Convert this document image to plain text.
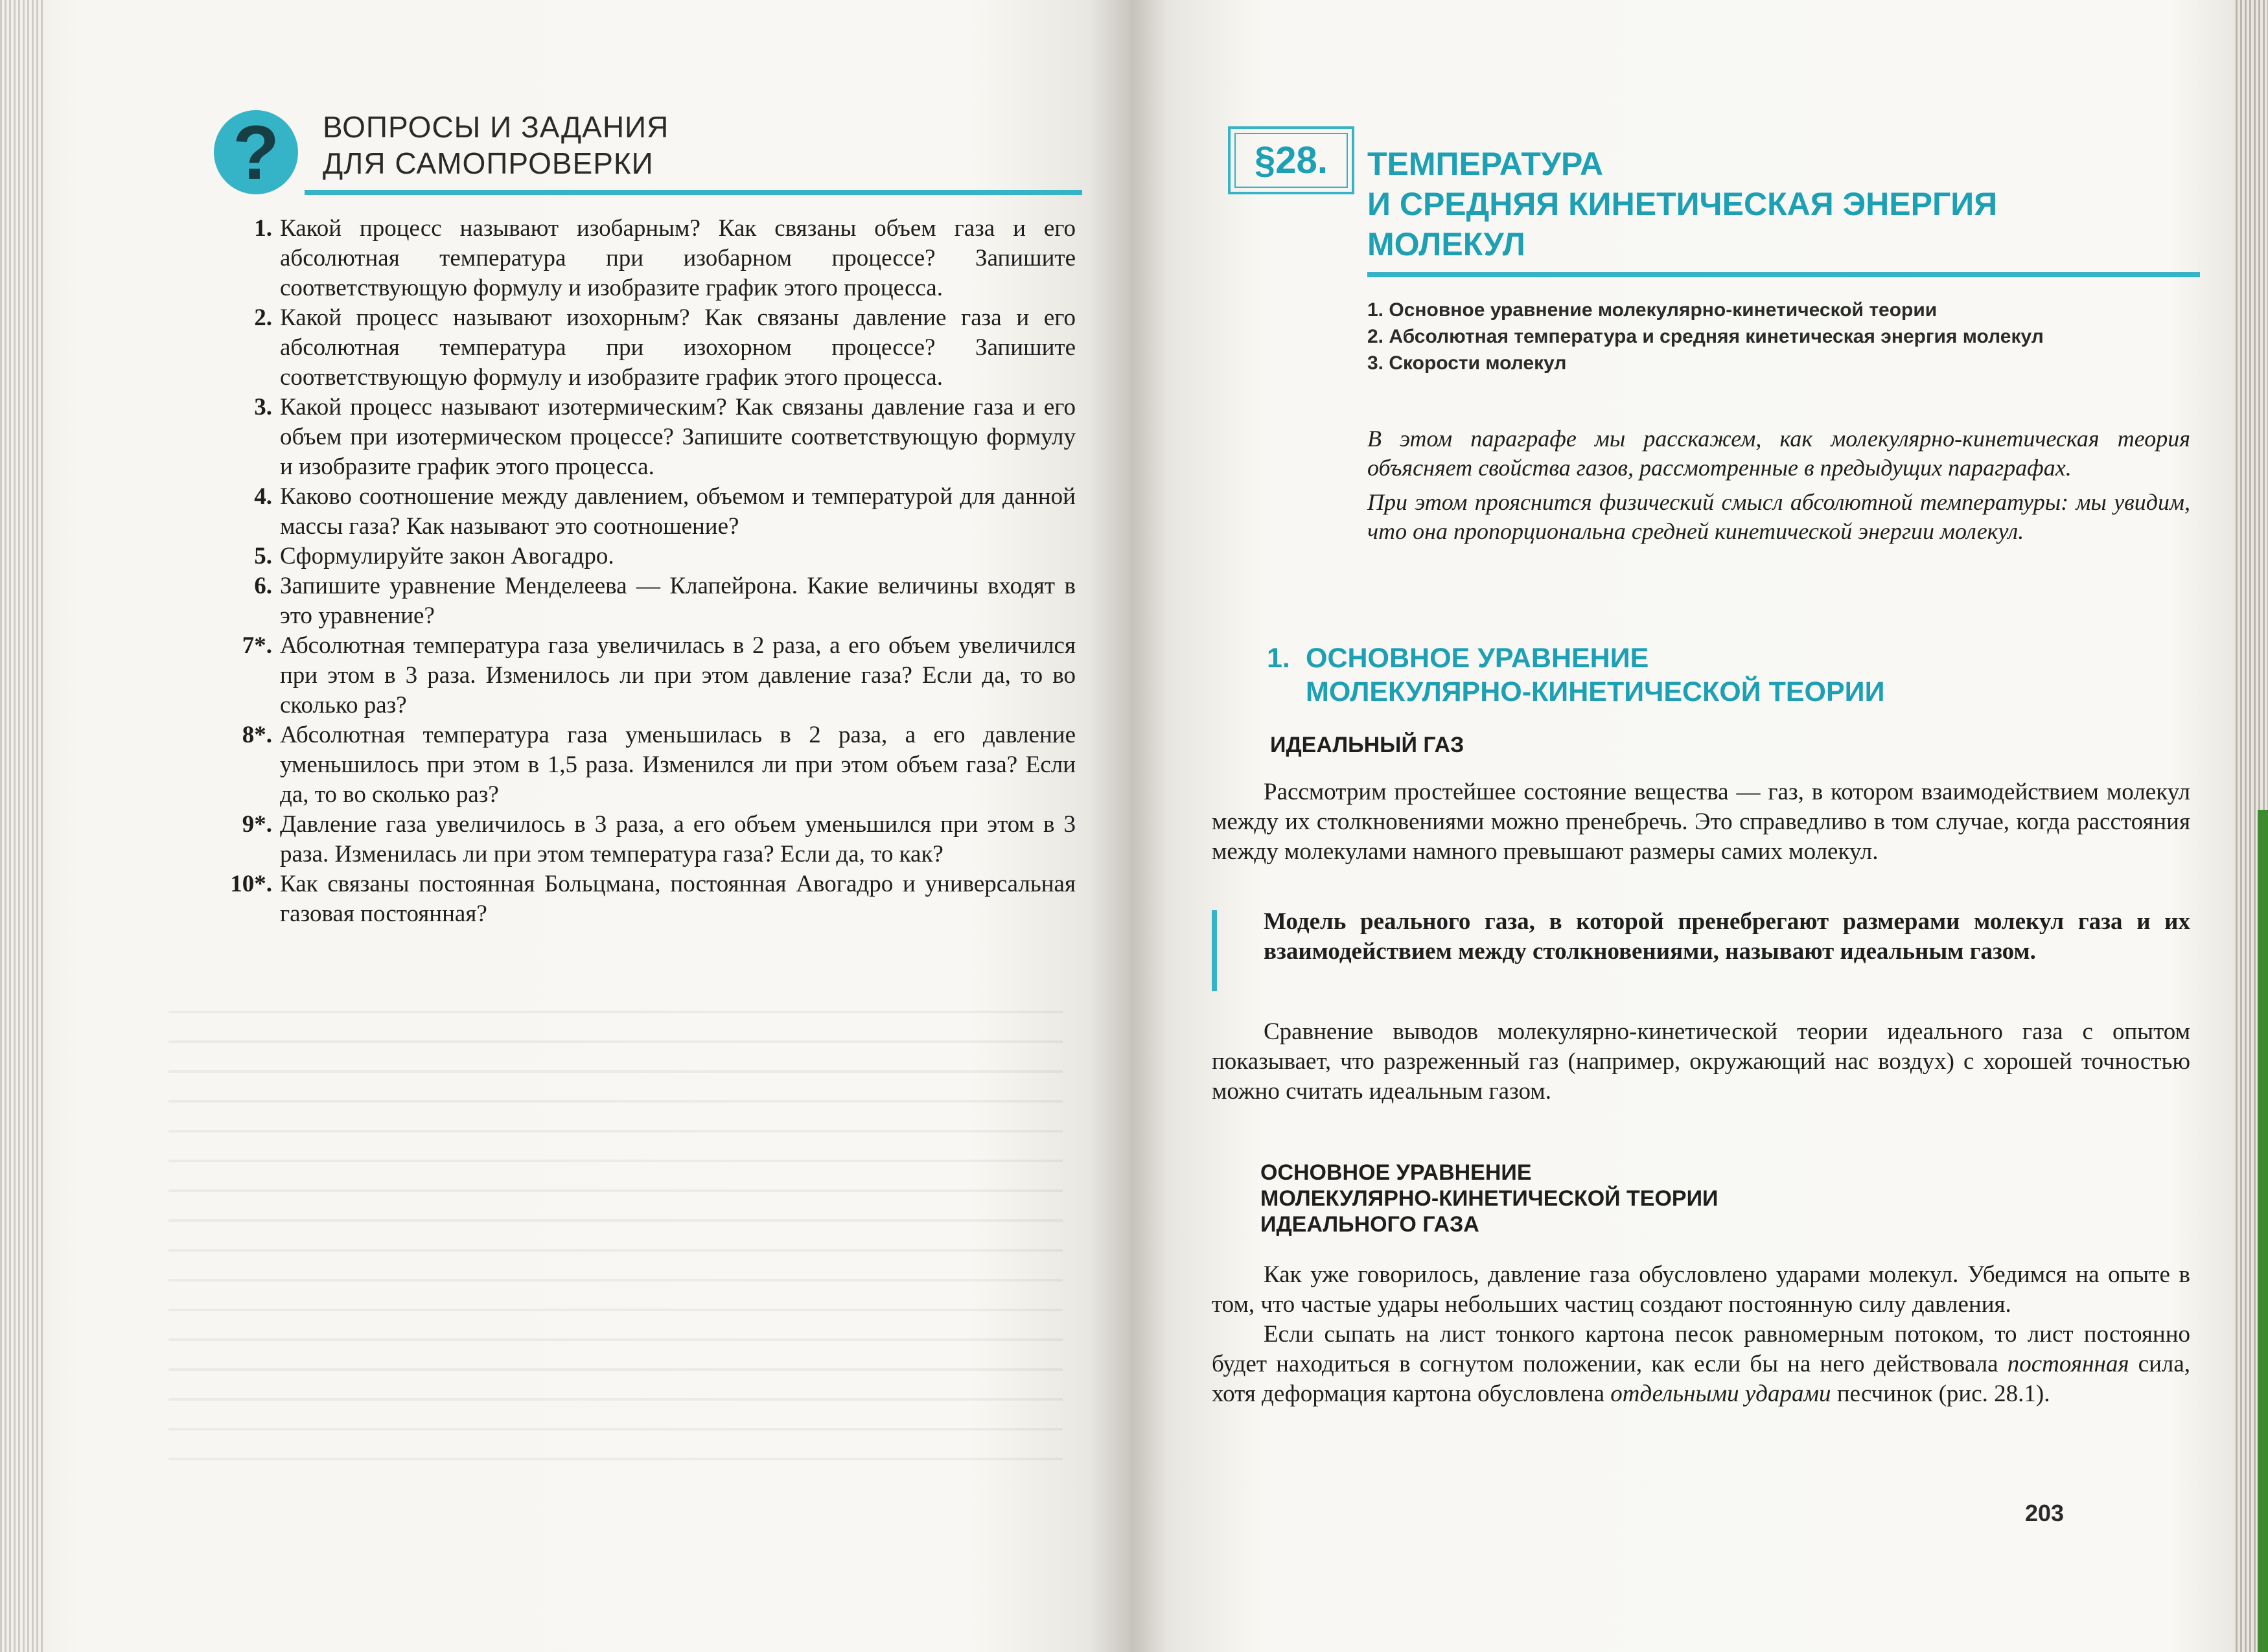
?	ВОПРОСЫ И ЗАДАНИЯ
ДЛЯ САМОПРОВЕРКИ
1. Какой процесс называют изобарным? Как связаны объем газа и его абсолютная температура при изобарном процессе? Запишите соответствующую формулу и изобразите график этого процесса.
2. Какой процесс называют изохорным? Как связаны давление газа и его абсолютная температура при изохорном процессе? Запишите соответствующую формулу и изобразите график этого процесса.
3. Какой процесс называют изотермическим? Как связаны давление газа и его объем при изотермическом процессе? Запишите соответствующую формулу и изобразите график этого процесса.
4. Каково соотношение между давлением, объемом и температурой для данной массы газа? Как называют это соотношение?
5. Сформулируйте закон Авогадро.
6. Запишите уравнение Менделеева — Клапейрона. Какие величины входят в это уравнение?
7*. Абсолютная температура газа увеличилась в 2 раза, а его объем увеличился при этом в 3 раза. Изменилось ли при этом давление газа? Если да, то во сколько раз?
8*. Абсолютная температура газа уменьшилась в 2 раза, а его давление уменьшилось при этом в 1,5 раза. Изменился ли при этом объем газа? Если да, то во сколько раз?
9*. Давление газа увеличилось в 3 раза, а его объем уменьшился при этом в 3 раза. Изменилась ли при этом температура газа? Если да, то как?
10*. Как связаны постоянная Больцмана, постоянная Авогадро и универсальная газовая постоянная?
§28.	ТЕМПЕРАТУРА
И СРЕДНЯЯ КИНЕТИЧЕСКАЯ ЭНЕРГИЯ
МОЛЕКУЛ
1. Основное уравнение молекулярно-кинетической теории
2. Абсолютная температура и средняя кинетическая энергия молекул
3. Скорости молекул

В этом параграфе мы расскажем, как молекулярно-кинетическая теория объясняет свойства газов, рассмотренные в предыдущих параграфах.

При этом прояснится физический смысл абсолютной температуры: мы увидим, что она пропорциональна средней кинетической энергии молекул.

1. ОСНОВНОЕ УРАВНЕНИЕ
МОЛЕКУЛЯРНО-КИНЕТИЧЕСКОЙ ТЕОРИИ
ИДЕАЛЬНЫЙ ГАЗ

Рассмотрим простейшее состояние вещества — газ, в котором взаимодействием молекул между их столкновениями можно пренебречь. Это справедливо в том случае, когда расстояния между молекулами намного превышают размеры самих молекул.

Модель реального газа, в которой пренебрегают размерами молекул газа и их взаимодействием между столкновениями, называют идеальным газом.

Сравнение выводов молекулярно-кинетической теории идеального газа с опытом показывает, что разреженный газ (например, окружающий нас воздух) с хорошей точностью можно считать идеальным газом.

ОСНОВНОЕ УРАВНЕНИЕ
МОЛЕКУЛЯРНО-КИНЕТИЧЕСКОЙ ТЕОРИИ
ИДЕАЛЬНОГО ГАЗА

Как уже говорилось, давление газа обусловлено ударами молекул. Убедимся на опыте в том, что частые удары небольших частиц создают постоянную силу давления.

Если сыпать на лист тонкого картона песок равномерным потоком, то лист постоянно будет находиться в согнутом положении, как если бы на него действовала постоянная сила, хотя деформация картона обусловлена отдельными ударами песчинок (рис. 28.1).

203
